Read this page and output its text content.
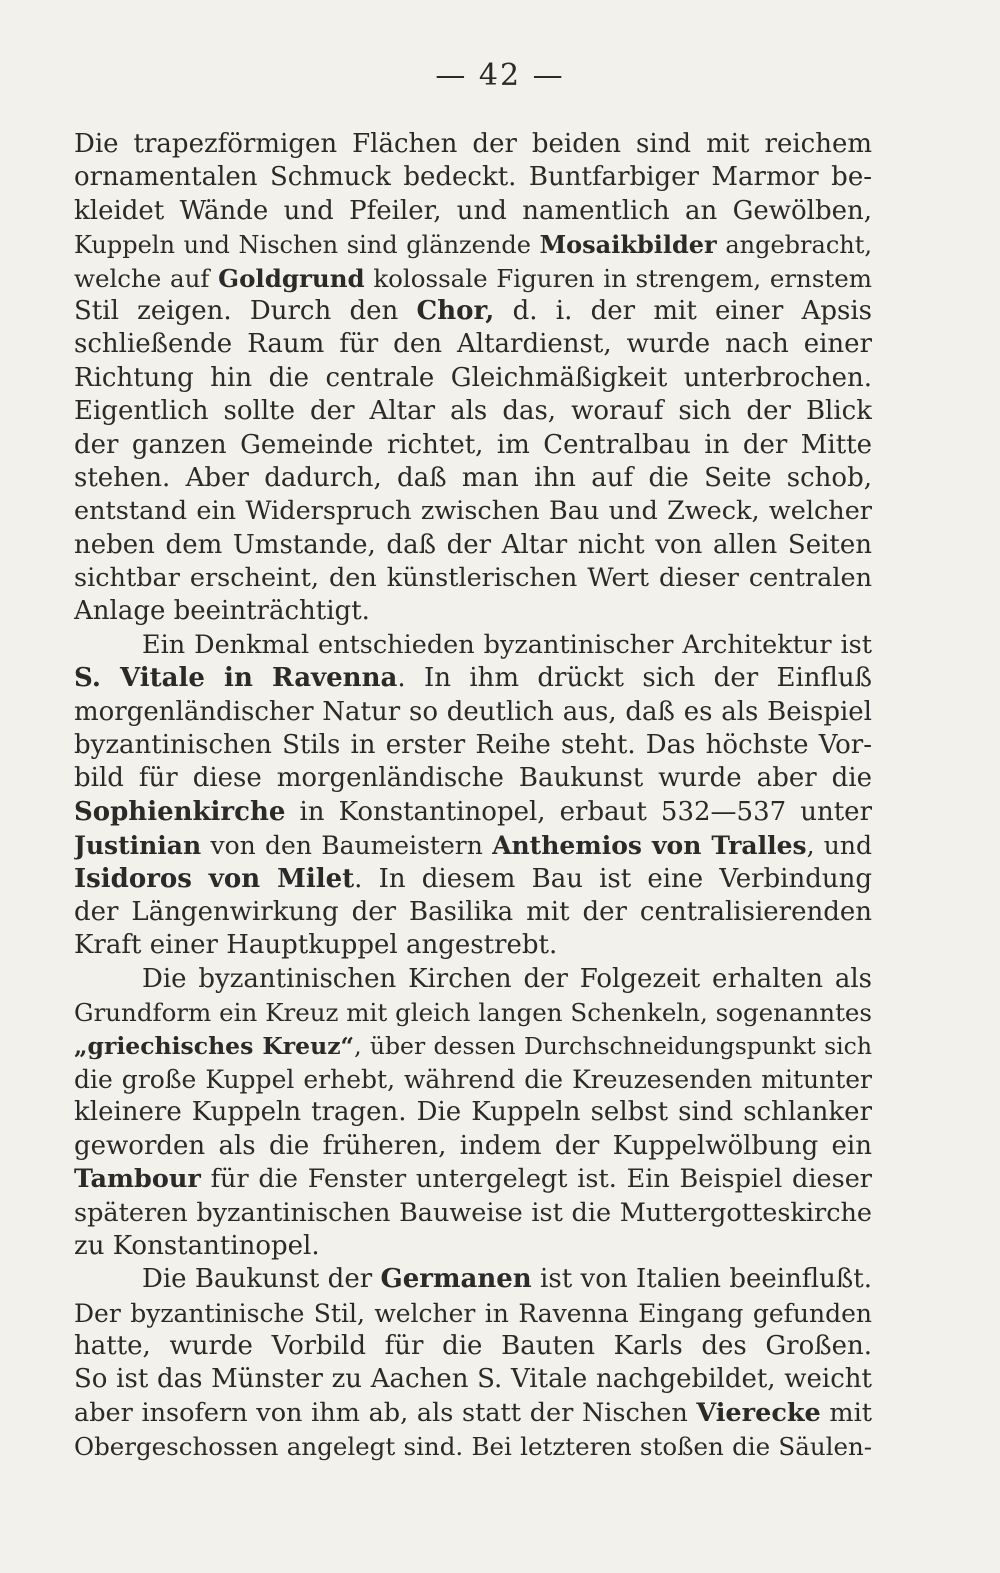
— 42 —
Die trapezförmigen Flächen der beiden sind mit reichem
ornamentalen Schmuck bedeckt. Buntfarbiger Marmor be-
kleidet Wände und Pfeiler, und namentlich an Gewölben,
Kuppeln und Nischen sind glänzende Mosaikbilder angebracht,
welche auf Goldgrund kolossale Figuren in strengem, ernstem
Stil zeigen. Durch den Chor, d. i. der mit einer Apsis
schließende Raum für den Altardienst, wurde nach einer
Richtung hin die centrale Gleichmäßigkeit unterbrochen.
Eigentlich sollte der Altar als das, worauf sich der Blick
der ganzen Gemeinde richtet, im Centralbau in der Mitte
stehen. Aber dadurch, daß man ihn auf die Seite schob,
entstand ein Widerspruch zwischen Bau und Zweck, welcher
neben dem Umstande, daß der Altar nicht von allen Seiten
sichtbar erscheint, den künstlerischen Wert dieser centralen
Anlage beeinträchtigt.
Ein Denkmal entschieden byzantinischer Architektur ist
S. Vitale in Ravenna. In ihm drückt sich der Einfluß
morgenländischer Natur so deutlich aus, daß es als Beispiel
byzantinischen Stils in erster Reihe steht. Das höchste Vor-
bild für diese morgenländische Baukunst wurde aber die
Sophienkirche in Konstantinopel, erbaut 532—537 unter
Justinian von den Baumeistern Anthemios von Tralles, und
Isidoros von Milet. In diesem Bau ist eine Verbindung
der Längenwirkung der Basilika mit der centralisierenden
Kraft einer Hauptkuppel angestrebt.
Die byzantinischen Kirchen der Folgezeit erhalten als
Grundform ein Kreuz mit gleich langen Schenkeln, sogenanntes
„griechisches Kreuz“, über dessen Durchschneidungspunkt sich
die große Kuppel erhebt, während die Kreuzesenden mitunter
kleinere Kuppeln tragen. Die Kuppeln selbst sind schlanker
geworden als die früheren, indem der Kuppelwölbung ein
Tambour für die Fenster untergelegt ist. Ein Beispiel dieser
späteren byzantinischen Bauweise ist die Muttergotteskirche
zu Konstantinopel.
Die Baukunst der Germanen ist von Italien beeinflußt.
Der byzantinische Stil, welcher in Ravenna Eingang gefunden
hatte, wurde Vorbild für die Bauten Karls des Großen.
So ist das Münster zu Aachen S. Vitale nachgebildet, weicht
aber insofern von ihm ab, als statt der Nischen Vierecke mit
Obergeschossen angelegt sind. Bei letzteren stoßen die Säulen-
